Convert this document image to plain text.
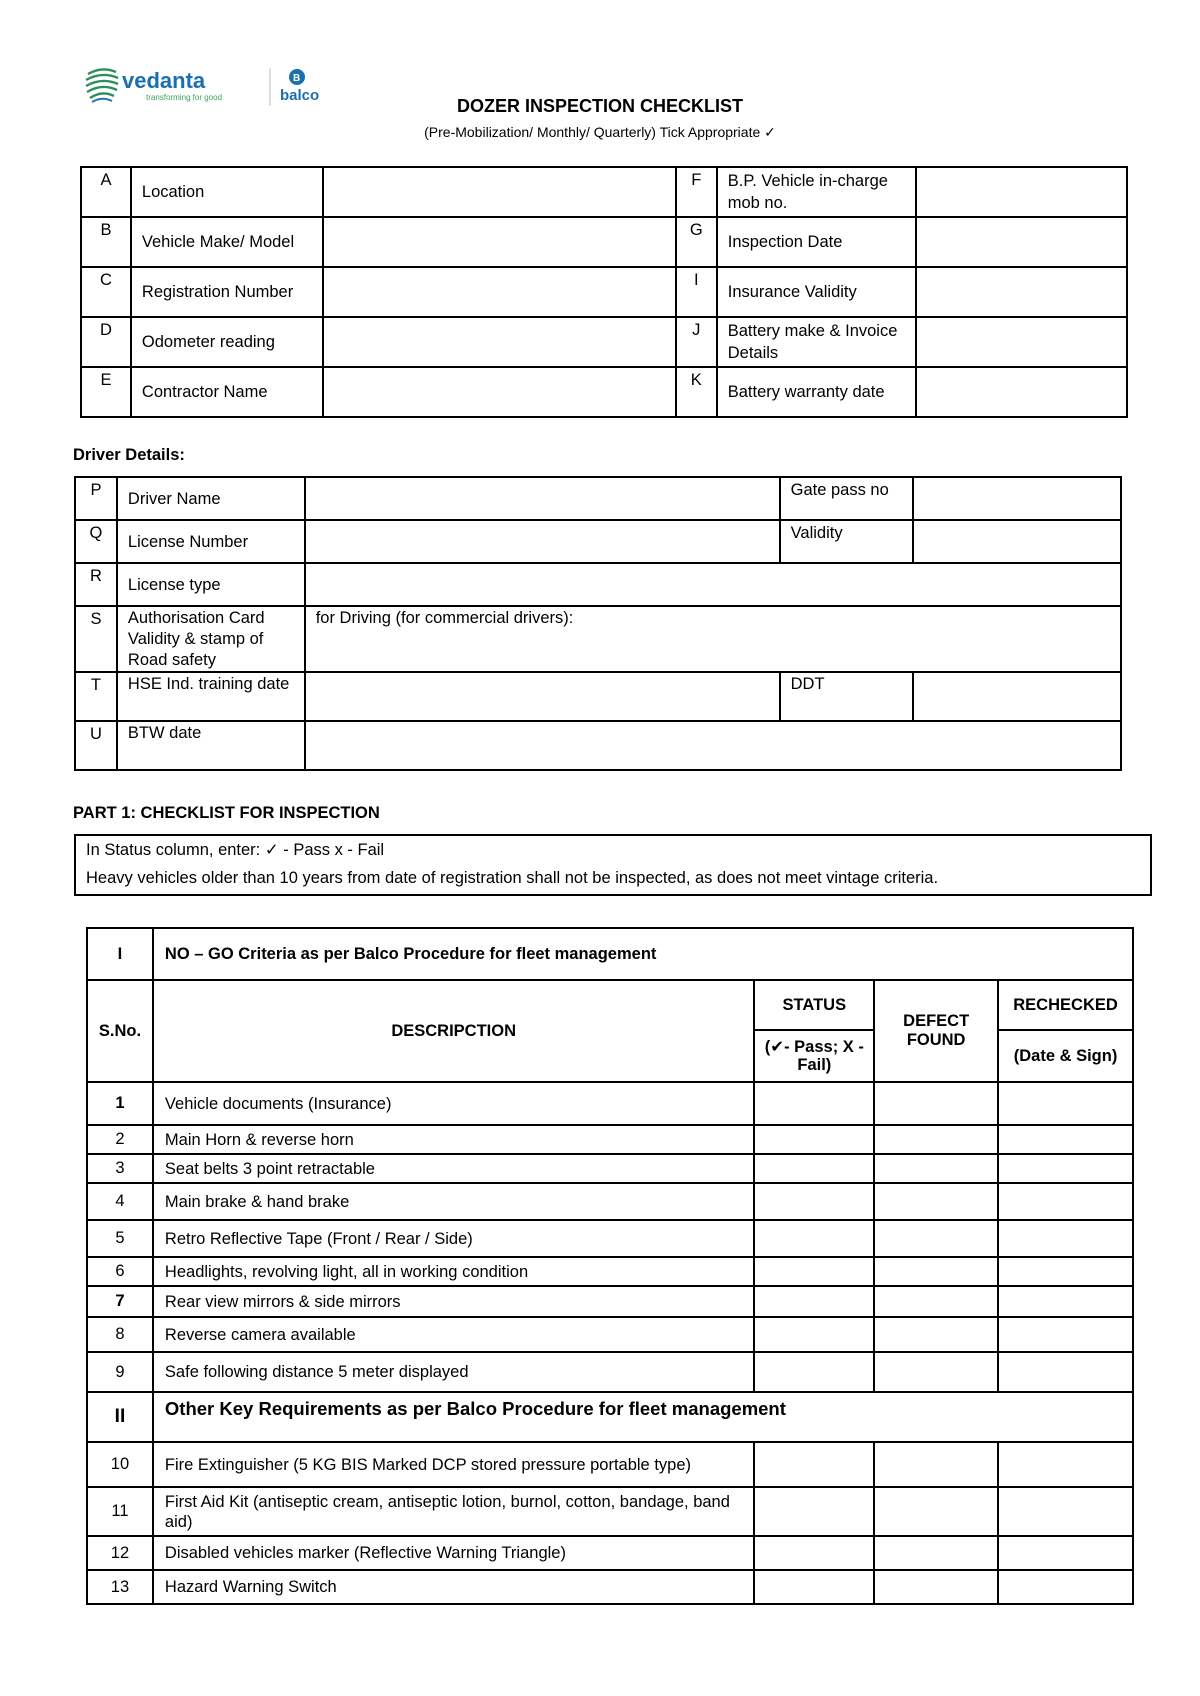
vedanta
transforming for good
B
balco
DOZER INSPECTION CHECKLIST
(Pre-Mobilization/ Monthly/ Quarterly) Tick Appropriate ✓
A	Location		F	B.P. Vehicle in-charge mob no.	
B	Vehicle Make/ Model		G	Inspection Date	
C	Registration Number		I	Insurance Validity	
D	Odometer reading		J	Battery make & Invoice Details	
E	Contractor Name		K	Battery warranty date	
Driver Details:
P	Driver Name		Gate pass no	
Q	License Number		Validity	
R	License type			
S	Authorisation Card Validity & stamp of Road safety	for Driving (for commercial drivers):		
T	HSE Ind. training date		DDT	
U	BTW date			
PART 1: CHECKLIST FOR INSPECTION
In Status column, enter: ✓ - Pass x - Fail
Heavy vehicles older than 10 years from date of registration shall not be inspected, as does not meet vintage criteria.
I	NO – GO Criteria as per Balco Procedure for fleet management			
S.No.	DESCRIPCTION	STATUS	DEFECT FOUND	RECHECKED
		(✔- Pass; X - Fail)		(Date & Sign)
1	Vehicle documents (Insurance)			
2	Main Horn & reverse horn			
3	Seat belts 3 point retractable			
4	Main brake & hand brake			
5	Retro Reflective Tape (Front / Rear / Side)			
6	Headlights, revolving light, all in working condition			
7	Rear view mirrors & side mirrors			
8	Reverse camera available			
9	Safe following distance 5 meter displayed			
II	Other Key Requirements as per Balco Procedure for fleet management			
10	Fire Extinguisher (5 KG BIS Marked DCP stored pressure portable type)			
11	First Aid Kit (antiseptic cream, antiseptic lotion, burnol, cotton, bandage, band aid)			
12	Disabled vehicles marker (Reflective Warning Triangle)			
13	Hazard Warning Switch			
